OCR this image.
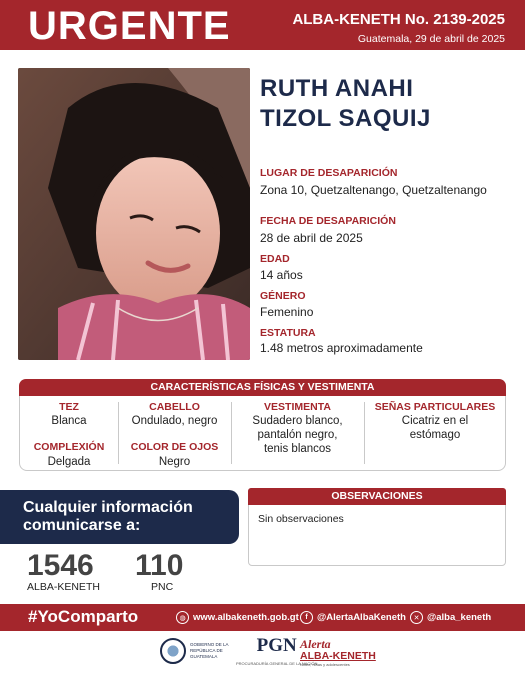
URGENTE	ALBA-KENETH No. 2139-2025
Guatemala, 29 de abril de 2025
RUTH ANAHI
TIZOL SAQUIJ
LUGAR DE DESAPARICIÓN
Zona 10, Quetzaltenango, Quetzaltenango
FECHA DE DESAPARICIÓN
28 de abril de 2025
EDAD
14 años
GÉNERO
Femenino
ESTATURA
1.48 metros aproximadamente
CARACTERÍSTICAS FÍSICAS Y VESTIMENTA
TEZ
Blanca
COMPLEXIÓN
Delgada
CABELLO
Ondulado, negro
COLOR DE OJOS
Negro
VESTIMENTA
Sudadero blanco,
pantalón negro,
tenis blancos
SEÑAS PARTICULARES
Cicatriz en el
estómago
Cualquier información
comunicarse a:
1546
ALBA-KENETH
110
PNC
OBSERVACIONES
Sin observaciones
#YoComparto	◍ www.albakeneth.gob.gt f @AlertaAlbaKeneth	✕ @alba_keneth
GOBIERNO DE LA REPÚBLICA DE GUATEMALA
PGN
PROCURADURÍA GENERAL DE LA NACIÓN
Alerta
ALBA-KENETH
Niñez, niñas y adolescentes
